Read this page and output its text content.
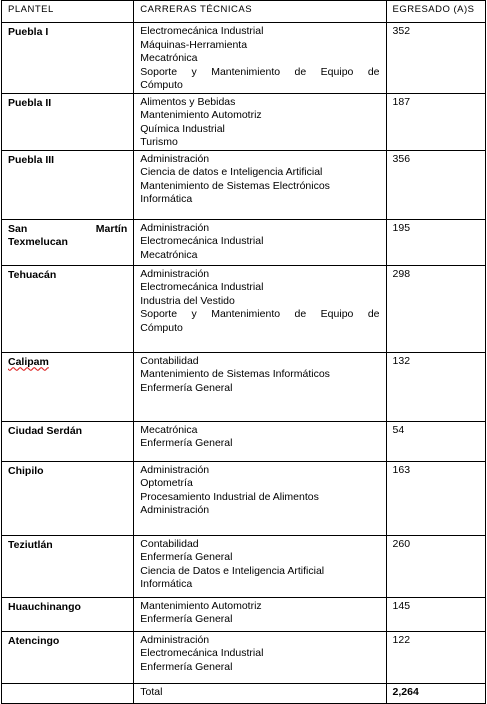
PLANTEL	CARRERAS TÉCNICAS	EGRESADO (A)S
Puebla I	Electromecánica Industrial
Máquinas-Herramienta
Mecatrónica
Soporte y Mantenimiento de Equipo de
Cómputo	352
Puebla II	Alimentos y Bebidas
Mantenimiento Automotriz
Química Industrial
Turismo	187
Puebla III	Administración
Ciencia de datos e Inteligencia Artificial
Mantenimiento de Sistemas Electrónicos
Informática	356

San Martín
Texmelucan	Administración
Electromecánica Industrial
Mecatrónica	195
Tehuacán	Administración
Electromecánica Industrial
Industria del Vestido
Soporte y Mantenimiento de Equipo de
Cómputo	298
Calipam	Contabilidad
Mantenimiento de Sistemas Informáticos
Enfermería General	132
Ciudad Serdán	Mecatrónica
Enfermería General	54
Chipilo	Administración
Optometría
Procesamiento Industrial de Alimentos
Administración	163
Teziutlán	Contabilidad
Enfermería General
Ciencia de Datos e Inteligencia Artificial
Informática	260
Huauchinango	Mantenimiento Automotriz
Enfermería General	145
Atencingo	Administración
Electromecánica Industrial
Enfermería General	122
	Total	2,264
